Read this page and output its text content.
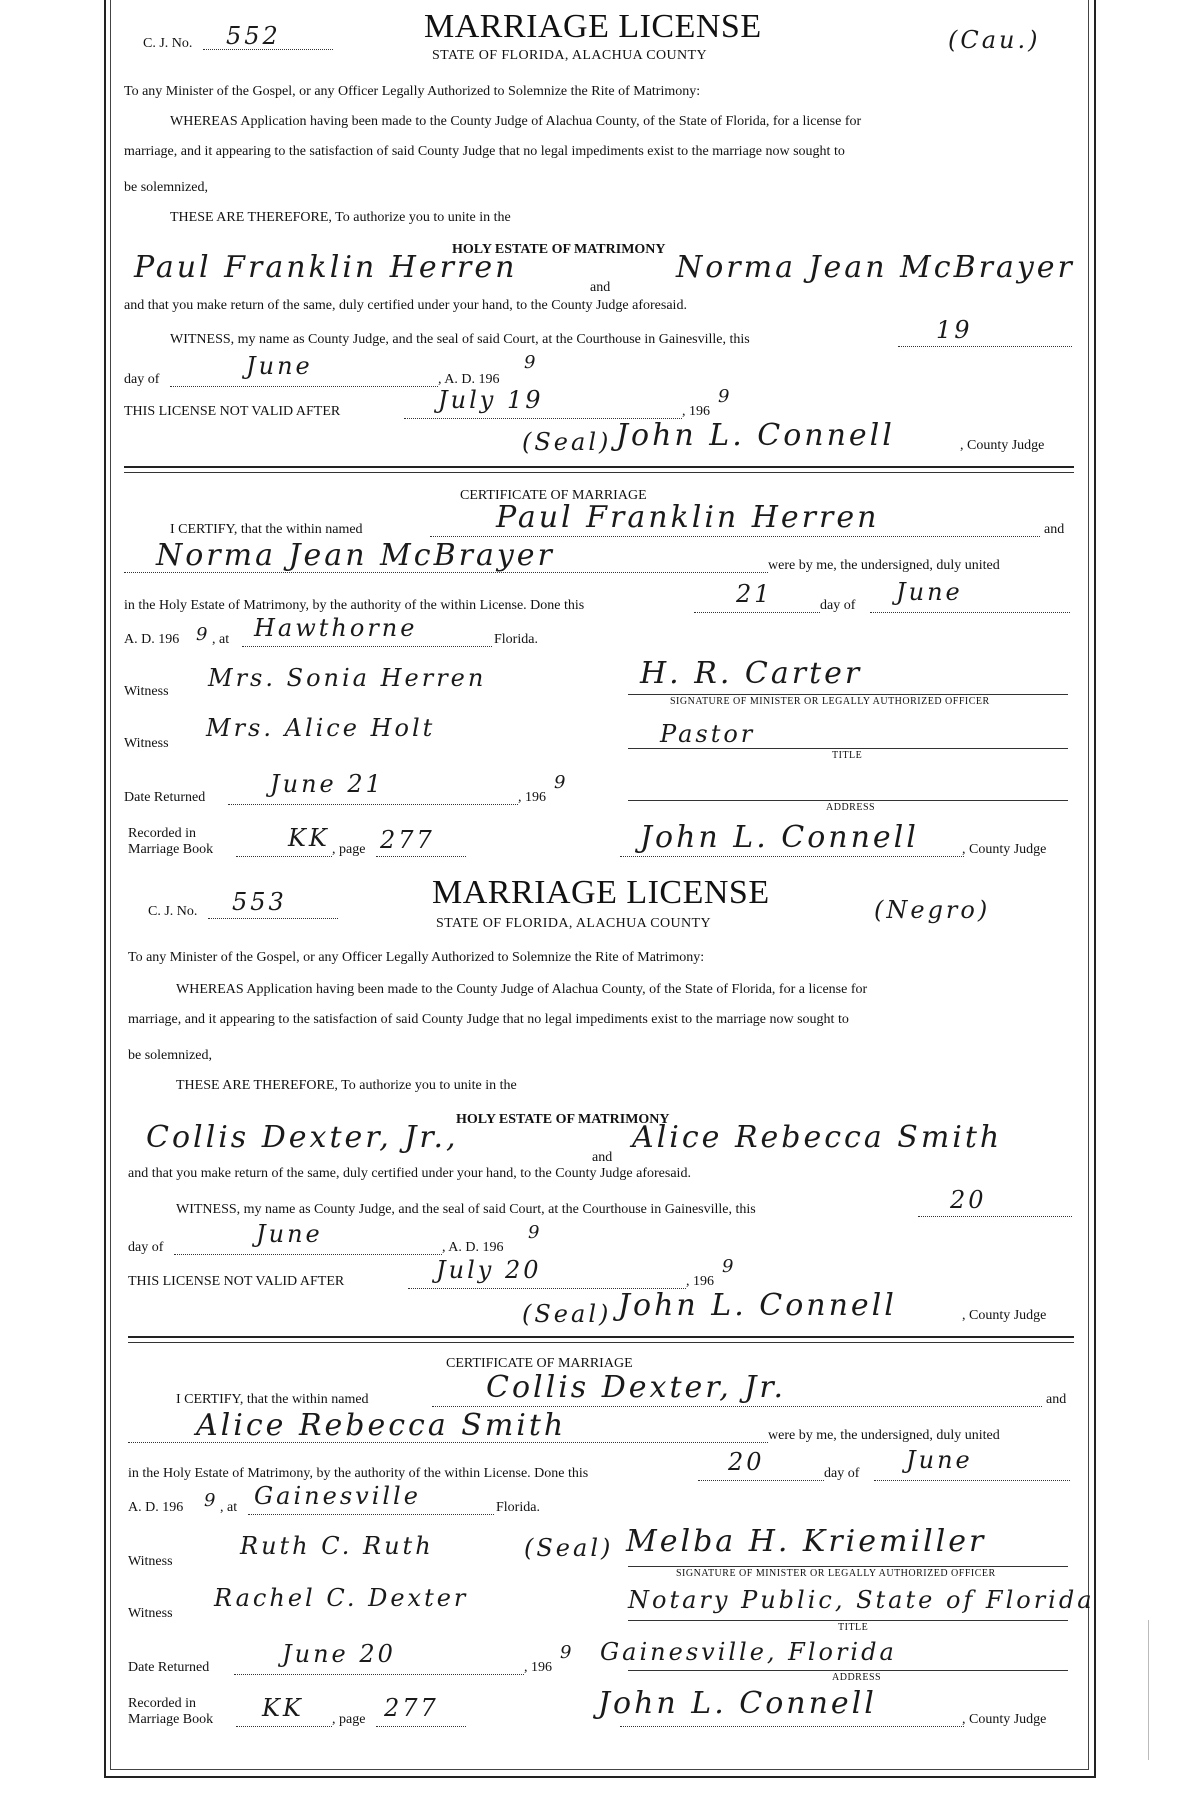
C. J. No. 552	MARRIAGE LICENSE
STATE OF FLORIDA, ALACHUA COUNTY
(Cau.)
To any Minister of the Gospel, or any Officer Legally Authorized to Solemnize the Rite of Matrimony:
WHEREAS Application having been made to the County Judge of Alachua County, of the State of Florida, for a license for
marriage, and it appearing to the satisfaction of said County Judge that no legal impediments exist to the marriage now sought to
be solemnized,
THESE ARE THEREFORE, To authorize you to unite in the
HOLY ESTATE OF MATRIMONY
Paul Franklin Herren
and
Norma Jean McBrayer
and that you make return of the same, duly certified under your hand, to the County Judge aforesaid.
WITNESS, my name as County Judge, and the seal of said Court, at the Courthouse in Gainesville, this	19
day of	June	, A. D. 196
9
THIS LICENSE NOT VALID AFTER	July 19	, 196
9
(Seal) John L. Connell	, County Judge
CERTIFICATE OF MARRIAGE
I CERTIFY, that the within named	Paul Franklin Herren	and
Norma Jean McBrayer	were by me, the undersigned, duly united
in the Holy Estate of Matrimony, by the authority of the within License. Done this	21	day of June
A. D. 196 9 , at Hawthorne	Florida.
Witness Mrs. Sonia Herren	H. R. Carter
SIGNATURE OF MINISTER OR LEGALLY AUTHORIZED OFFICER
Witness
Mrs. Alice Holt	Pastor
TITLE
Date Returned	June 21	, 196
9
ADDRESS
Recorded in
Marriage Book	KK , page 277	John L. Connell	, County Judge
C. J. No. 553	MARRIAGE LICENSE
STATE OF FLORIDA, ALACHUA COUNTY	(Negro)
To any Minister of the Gospel, or any Officer Legally Authorized to Solemnize the Rite of Matrimony:
WHEREAS Application having been made to the County Judge of Alachua County, of the State of Florida, for a license for
marriage, and it appearing to the satisfaction of said County Judge that no legal impediments exist to the marriage now sought to
be solemnized,
THESE ARE THEREFORE, To authorize you to unite in the
HOLY ESTATE OF MATRIMONY
Collis Dexter, Jr.,
and
Alice Rebecca Smith
and that you make return of the same, duly certified under your hand, to the County Judge aforesaid.
WITNESS, my name as County Judge, and the seal of said Court, at the Courthouse in Gainesville, this	20
day of	June	, A. D. 196
9
THIS LICENSE NOT VALID AFTER	July 20	, 196
9
(Seal) John L. Connell	, County Judge
CERTIFICATE OF MARRIAGE
I CERTIFY, that the within named	Collis Dexter, Jr.	and
Alice Rebecca Smith	were by me, the undersigned, duly united
in the Holy Estate of Matrimony, by the authority of the within License. Done this	20	day of June
A. D. 196 9 , at Gainesville	Florida.
Witness
Ruth C. Ruth	(Seal) Melba H. Kriemiller
SIGNATURE OF MINISTER OR LEGALLY AUTHORIZED OFFICER
Witness
Rachel C. Dexter	Notary Public, State of Florida
TITLE
Date Returned	June 20	, 196
9 Gainesville, Florida
ADDRESS
Recorded in
Marriage Book KK , page 277	John L. Connell	, County Judge
